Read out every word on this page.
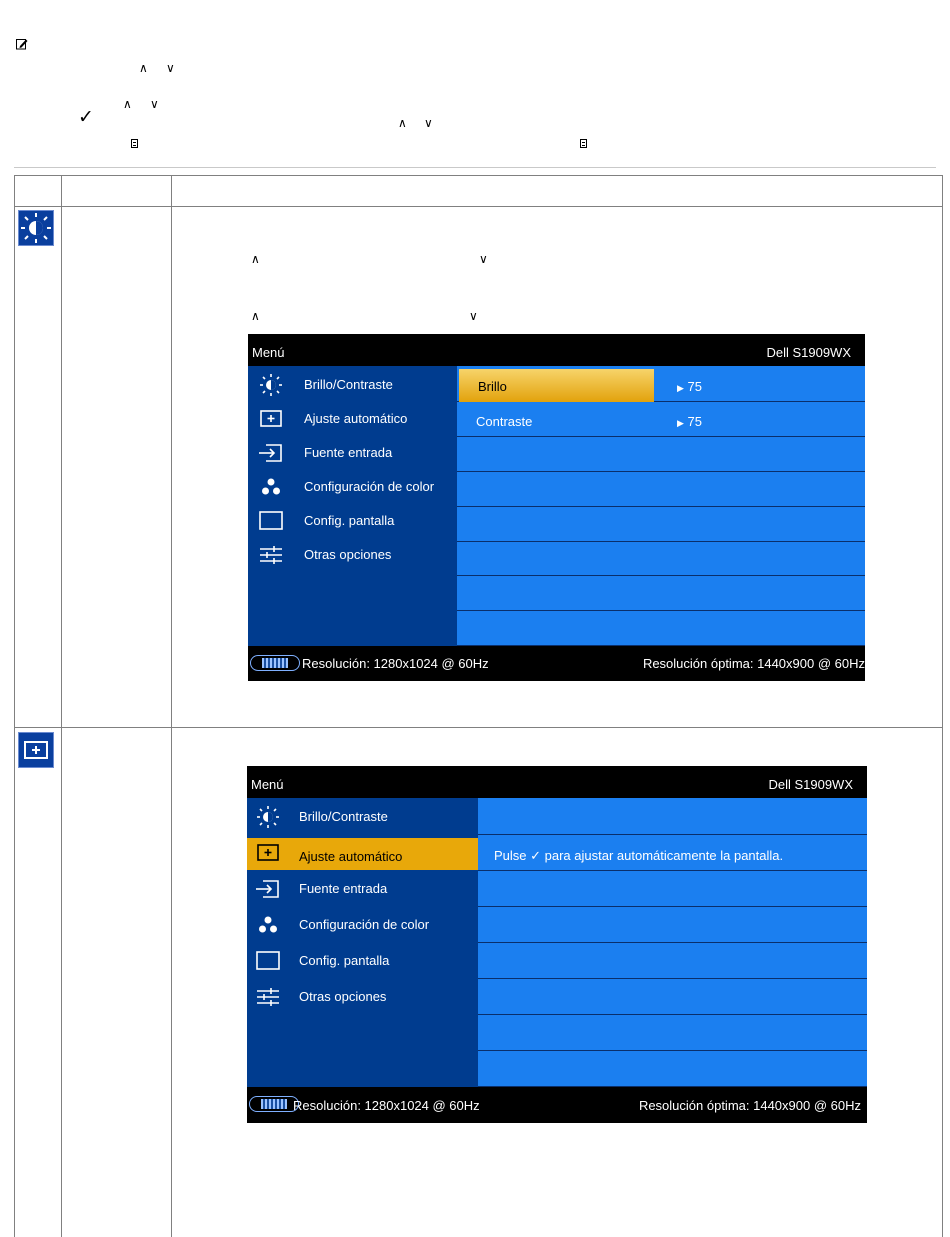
∧ ∨
∧ ∨
✓	∧ ∨
∧	∨
∧	∨
Menú	Dell S1909WX
Brillo/Contraste
Ajuste automático
Fuente entrada
Configuración de color
Config. pantalla
Otras opciones
Brillo	▶ 75
Contraste	▶ 75
Resolución: 1280x1024 @ 60Hz	Resolución óptima: 1440x900 @ 60Hz
Menú	Dell S1909WX
Brillo/Contraste
Ajuste automático
Fuente entrada
Configuración de color
Config. pantalla
Otras opciones
Pulse ✓ para ajustar automáticamente la pantalla.
Resolución: 1280x1024 @ 60Hz	Resolución óptima: 1440x900 @ 60Hz
